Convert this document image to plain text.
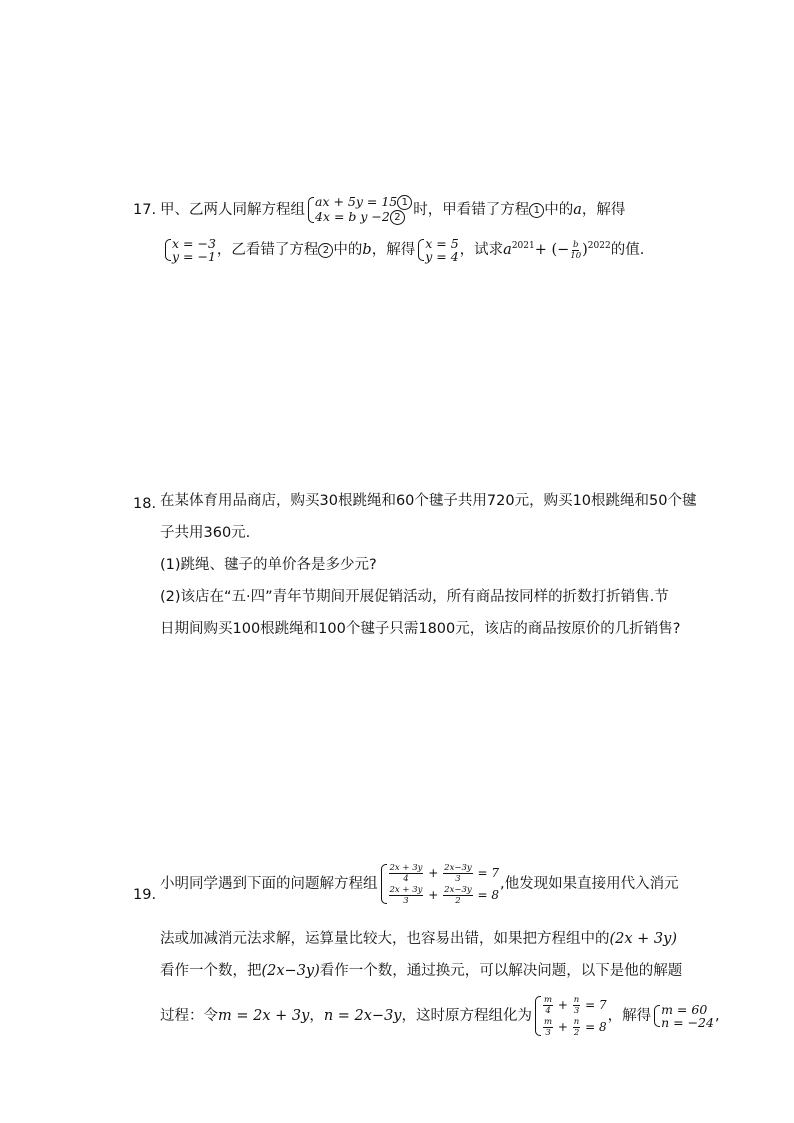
17. 甲、乙两人同解方程组
ax + 5y = 15 1
4x = b y −2 2 时，甲看错了方程 1 中的a，解得
x = −3
y = −1 ，乙看错了方程 2 中的b，解得 x = 5
y = 4 ，试求$a^{2021}+$ (− $\frac{b}{10} )^{2022}$的值.
18. 在某体育用品商店，购买30根跳绳和60个毽子共用720元，购买10根跳绳和50个毽
子共用360元.
(1)跳绳、毽子的单价各是多少元?
(2)该店在“五·四”青年节期间开展促销活动，所有商品按同样的折数打折销售.节
日期间购买100根跳绳和100个毽子只需1800元，该店的商品按原价的几折销售?
19.
小明同学遇到下面的问题解方程组 $\frac{2x + 3y}{4} + \frac{2x-3y}{3} = 7$
$\frac{2x + 3y}{3} + \frac{2x-3y}{2} = 8$
,他发现如果直接用代入消元
法或加减消元法求解，运算量比较大，也容易出错，如果把方程组中的(2x + 3y)
看作一个数，把(2x−3y)看作一个数，通过换元，可以解决问题，以下是他的解题
过程：令m = 2x + 3y，n = 2x−3y，这时原方程组化为 $\frac{m}{4} + \frac{n}{3} = 7$
$\frac{m}{3} + \frac{n}{2} = 8$
，解得 m = 60
n = −24 ,
